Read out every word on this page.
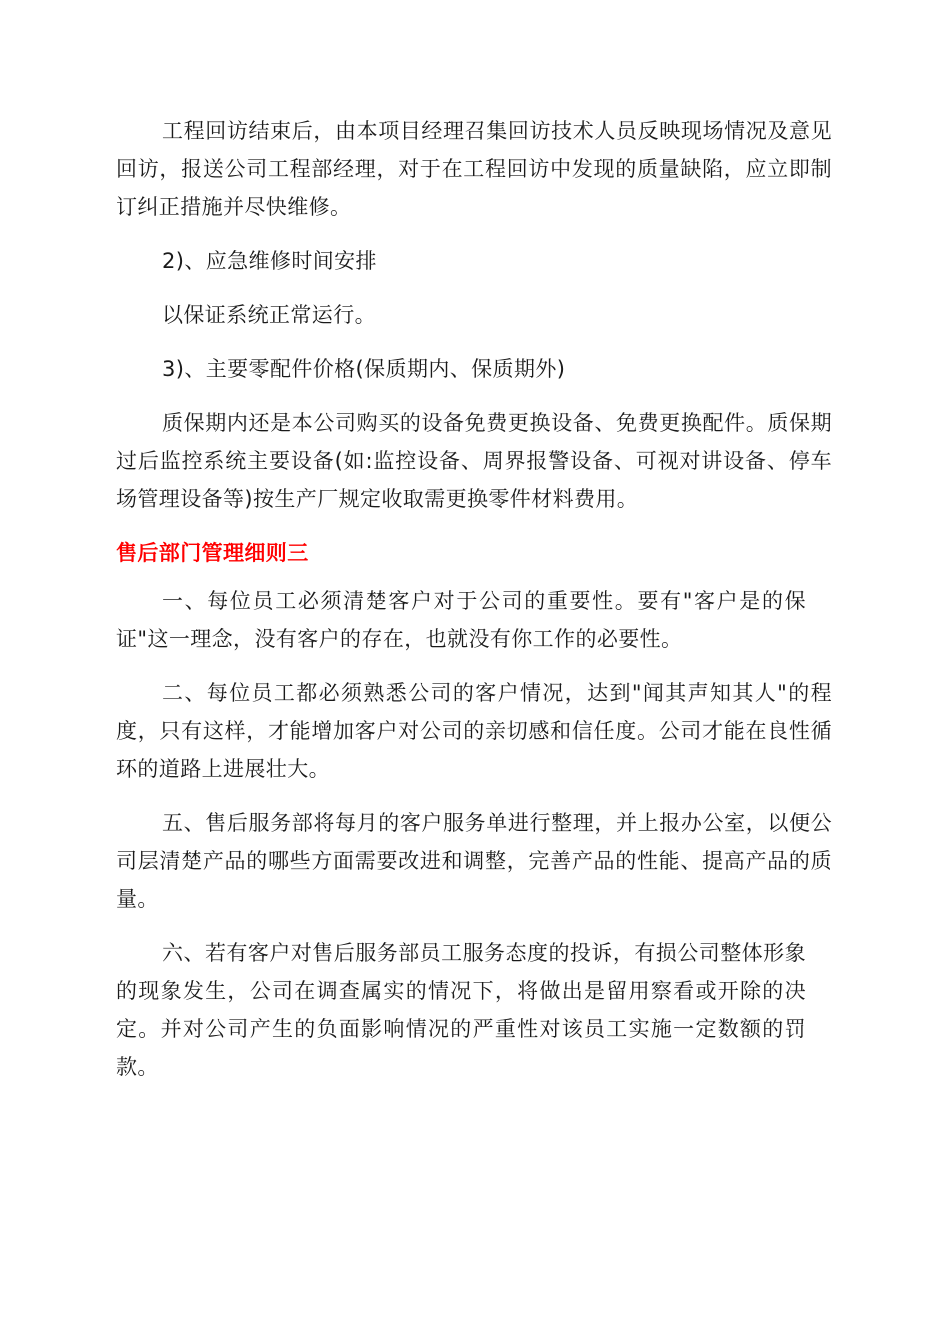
工程回访结束后，由本项目经理召集回访技术人员反映现场情况及意见回访，报送公司工程部经理，对于在工程回访中发现的质量缺陷，应立即制订纠正措施并尽快维修。

2)、应急维修时间安排

以保证系统正常运行。

3)、主要零配件价格(保质期内、保质期外)

质保期内还是本公司购买的设备免费更换设备、免费更换配件。质保期过后监控系统主要设备(如:监控设备、周界报警设备、可视对讲设备、停车场管理设备等)按生产厂规定收取需更换零件材料费用。

售后部门管理细则三

一、每位员工必须清楚客户对于公司的重要性。要有"客户是的保证"这一理念，没有客户的存在，也就没有你工作的必要性。

二、每位员工都必须熟悉公司的客户情况，达到"闻其声知其人"的程度，只有这样，才能增加客户对公司的亲切感和信任度。公司才能在良性循环的道路上进展壮大。

五、售后服务部将每月的客户服务单进行整理，并上报办公室，以便公司层清楚产品的哪些方面需要改进和调整，完善产品的性能、提高产品的质量。

六、若有客户对售后服务部员工服务态度的投诉，有损公司整体形象的现象发生，公司在调查属实的情况下，将做出是留用察看或开除的决定。并对公司产生的负面影响情况的严重性对该员工实施一定数额的罚款。
